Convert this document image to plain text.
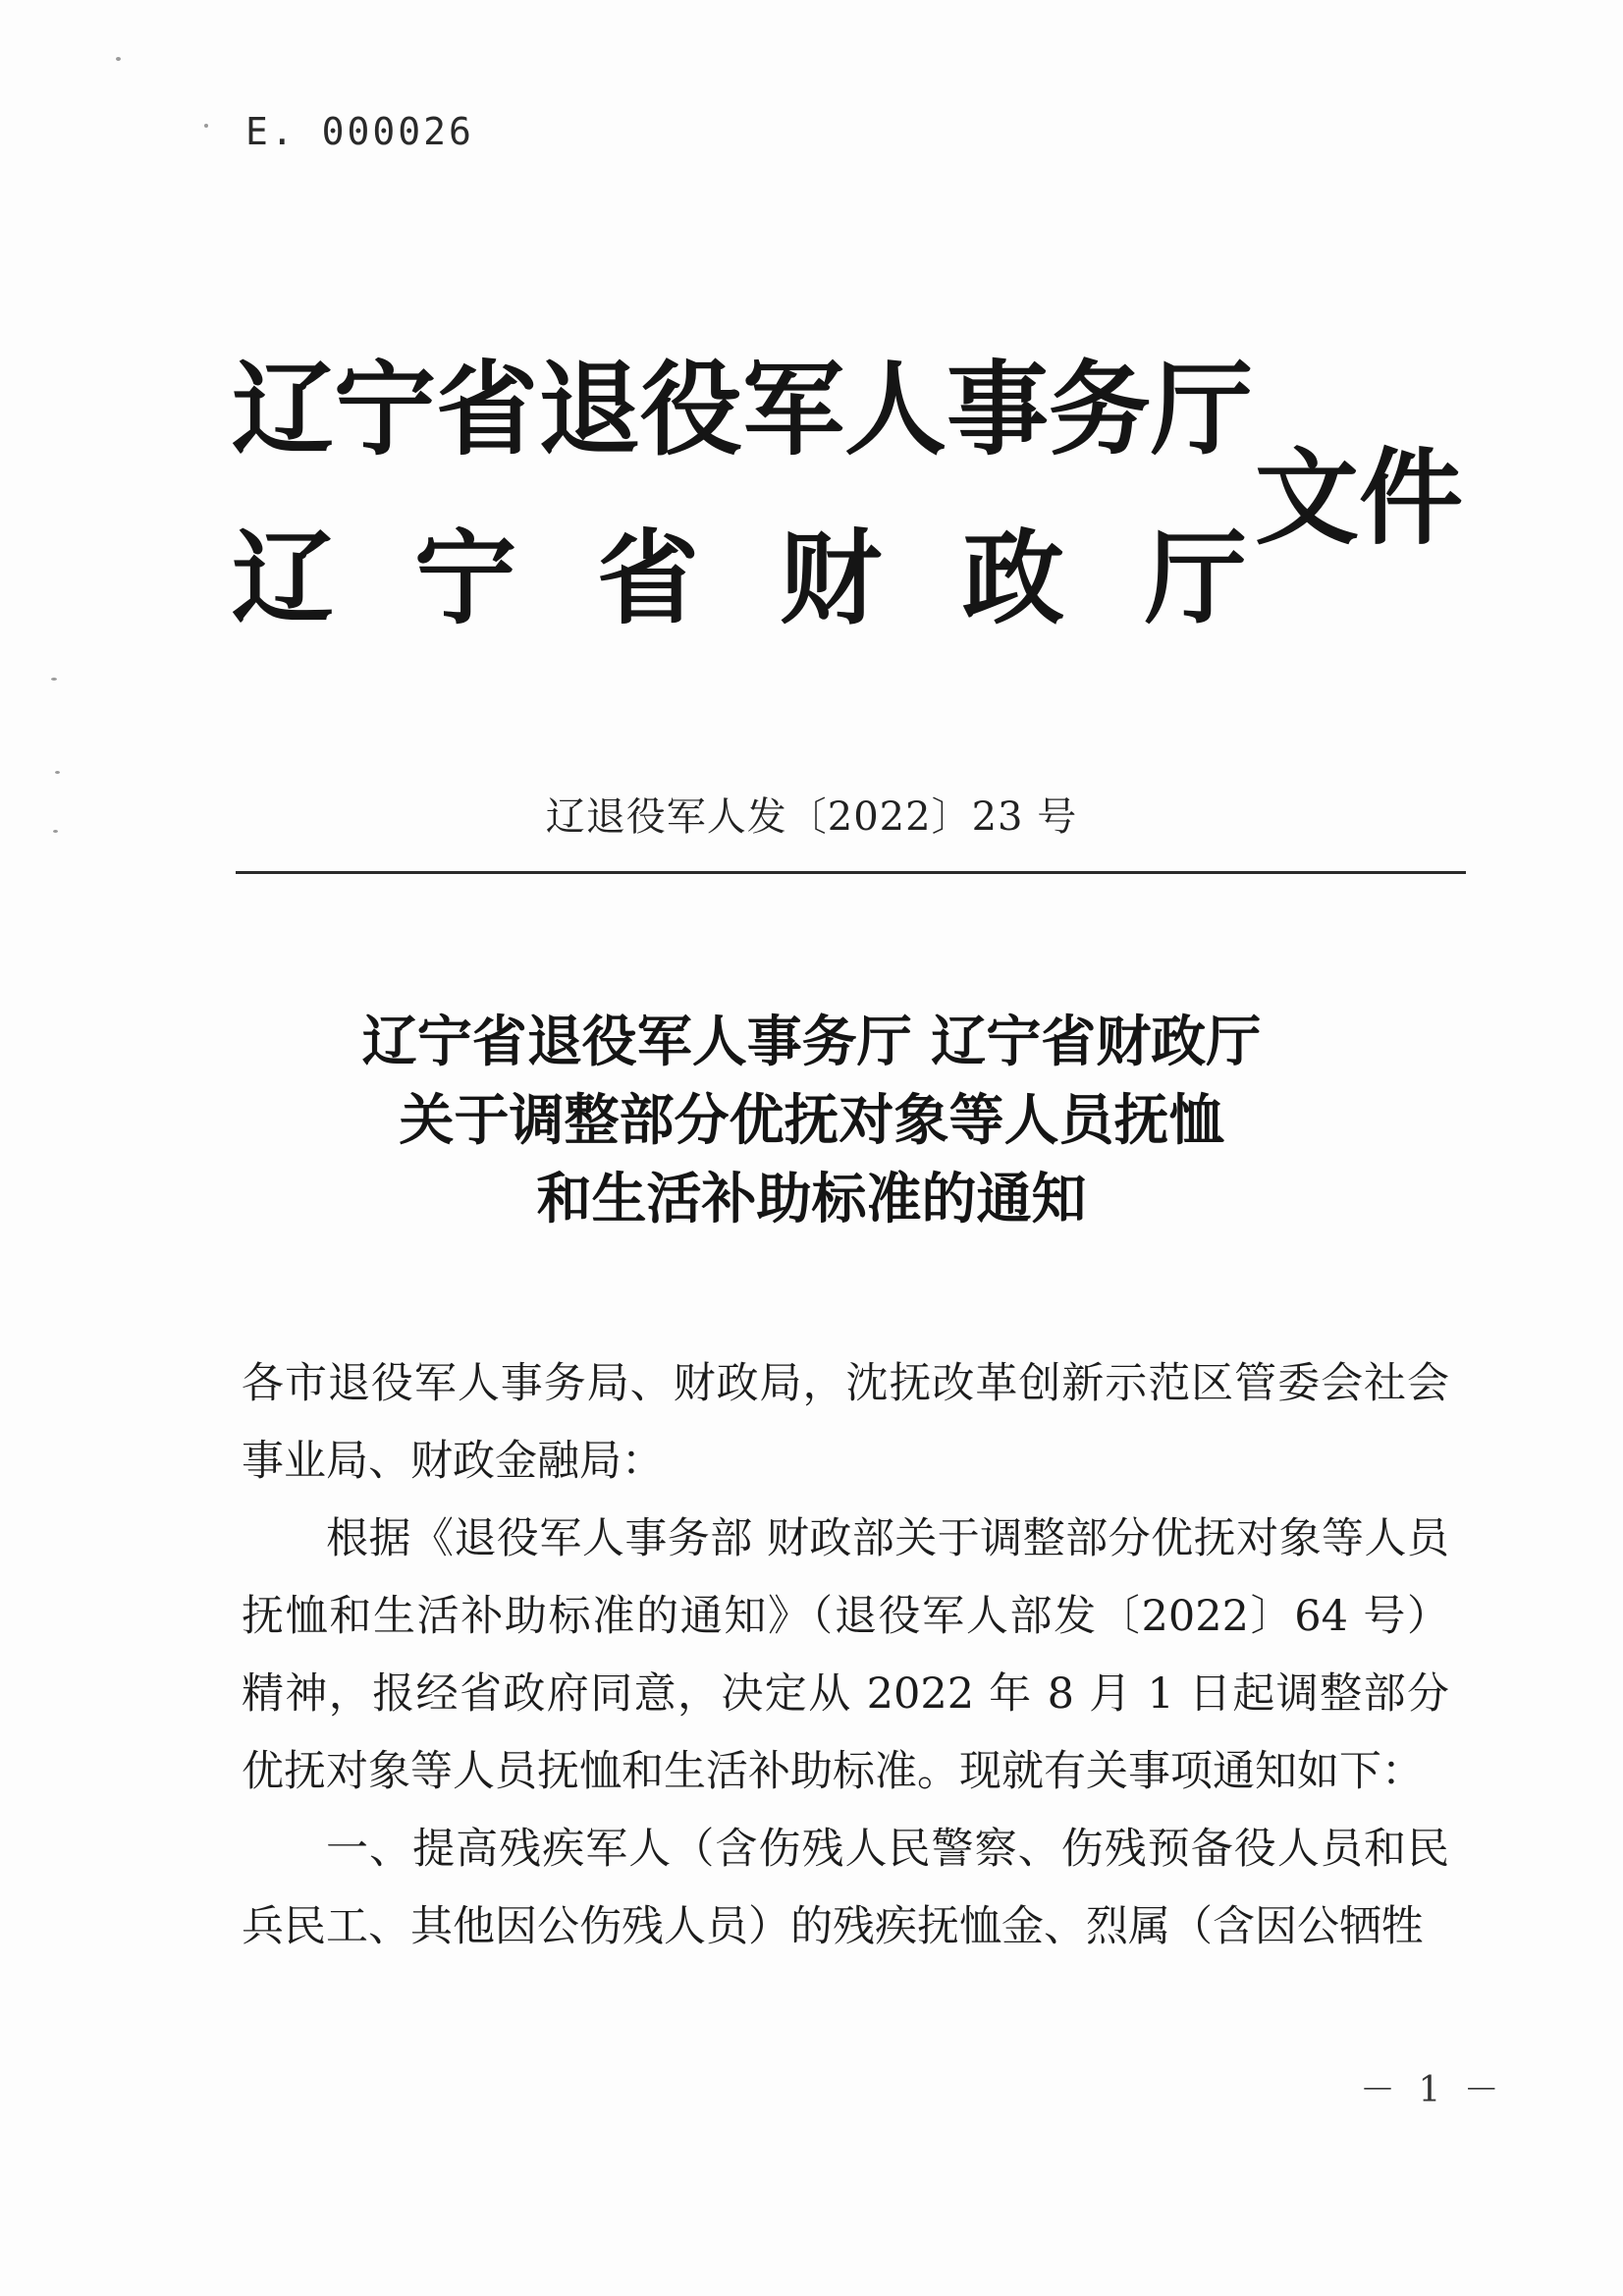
E. 000026
辽宁省退役军人事务厅
辽宁省财政厅
文件
辽退役军人发〔2022〕23 号
辽宁省退役军人事务厅 辽宁省财政厅
关于调整部分优抚对象等人员抚恤
和生活补助标准的通知

各市退役军人事务局、财政局，沈抚改革创新示范区管委会社会事业局、财政金融局：

根据《退役军人事务部 财政部关于调整部分优抚对象等人员抚恤和生活补助标准的通知》（退役军人部发〔2022〕64 号）精神，报经省政府同意，决定从 2022 年 8 月 1 日起调整部分优抚对象等人员抚恤和生活补助标准。现就有关事项通知如下：

一、提高残疾军人（含伤残人民警察、伤残预备役人员和民兵民工、其他因公伤残人员）的残疾抚恤金、烈属（含因公牺牲

－ 1 －
